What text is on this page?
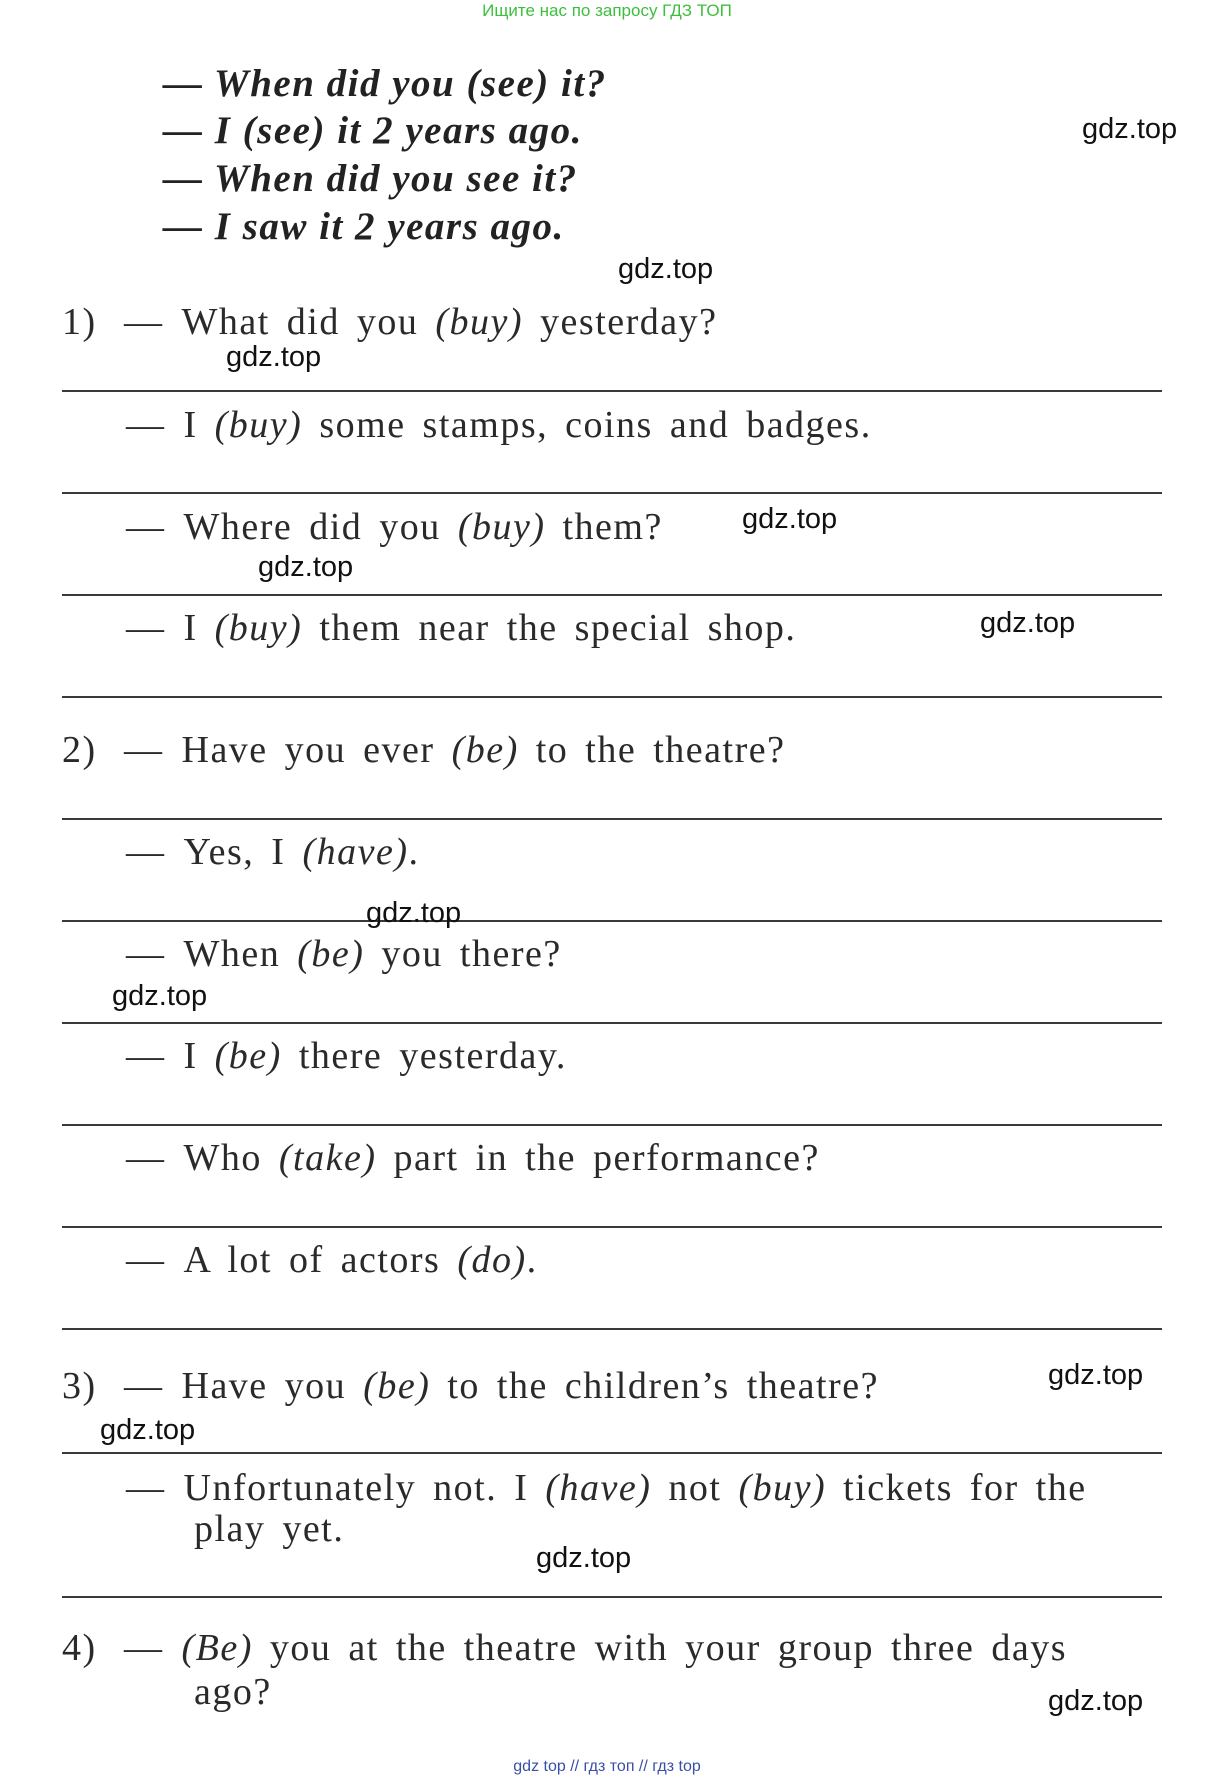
Ищите нас по запросу ГДЗ ТОП
— When did you (see) it?
— I (see) it 2 years ago.
— When did you see it?
— I saw it 2 years ago.
1) — What did you (buy) yesterday?
— I (buy) some stamps, coins and badges.
— Where did you (buy) them?
— I (buy) them near the special shop.
2) — Have you ever (be) to the theatre?
— Yes, I (have).
— When (be) you there?
— I (be) there yesterday.
— Who (take) part in the performance?
— A lot of actors (do).
3) — Have you (be) to the children’s theatre?
— Unfortunately not. I (have) not (buy) tickets for the
play yet.
4) — (Be) you at the theatre with your group three days
ago?
gdz.top
gdz.top
gdz.top
gdz.top
gdz.top
gdz.top
gdz.top
gdz.top
gdz.top
gdz.top
gdz.top
gdz.top
gdz top // гдз топ // гдз top
